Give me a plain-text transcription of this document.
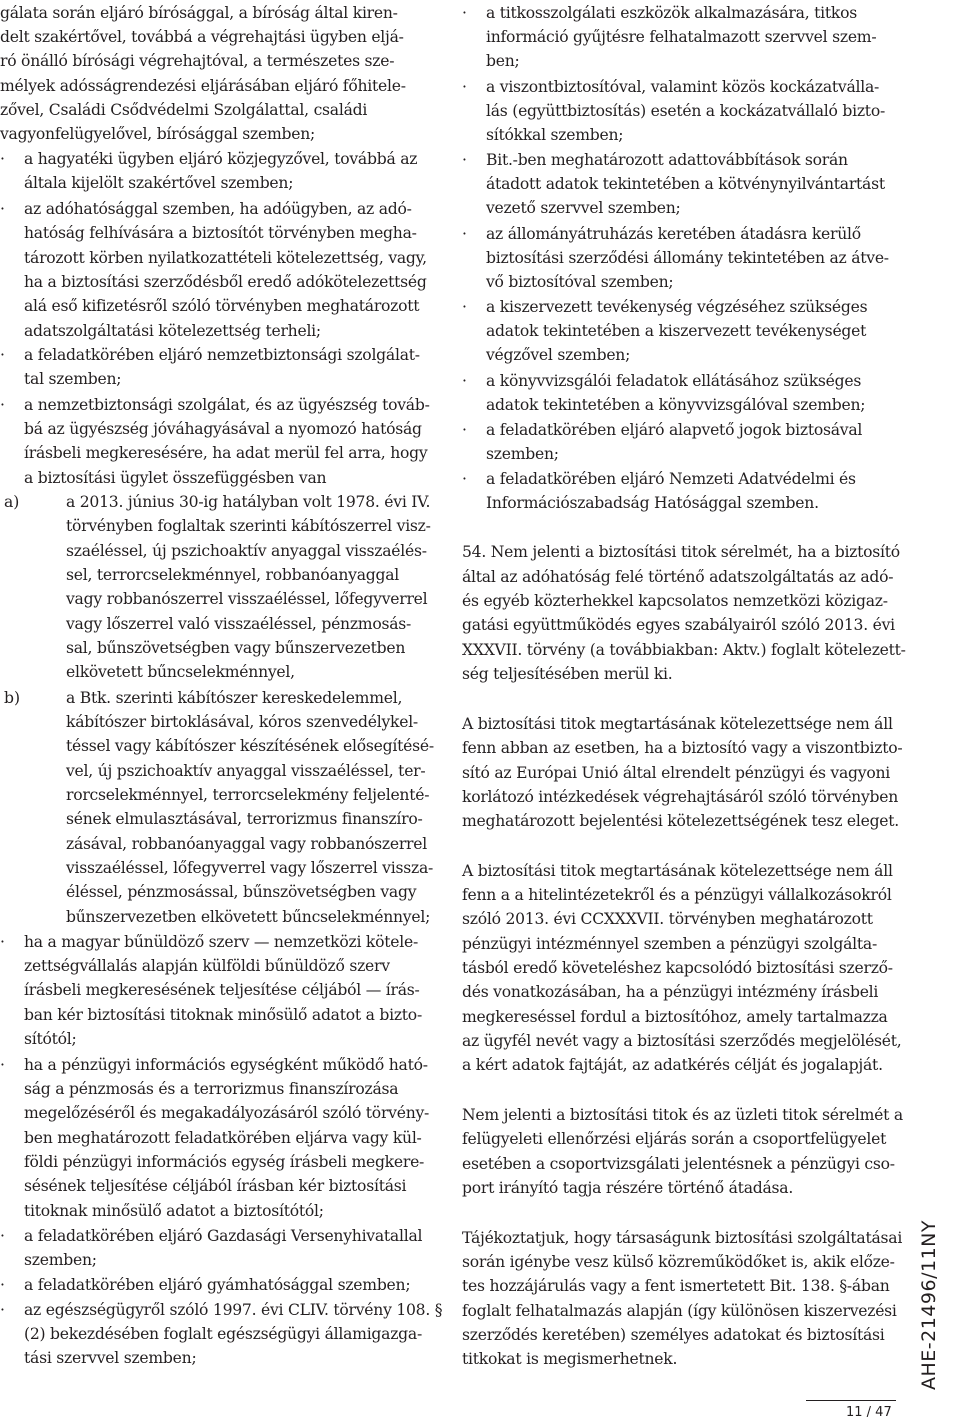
gálata során eljáró bírósággal, a bíróság által kiren-
delt szakértővel, továbbá a végrehajtási ügyben eljá-
ró önálló bírósági végrehajtóval, a természetes sze-
mélyek adósságrendezési eljárásában eljáró főhitele-
zővel, Családi Csődvédelmi Szolgálattal, családi
vagyonfelügyelővel, bírósággal szemben;
· a hagyatéki ügyben eljáró közjegyzővel, továbbá az
általa kijelölt szakértővel szemben;
· az adóhatósággal szemben, ha adóügyben, az adó-
hatóság felhívására a biztosítót törvényben megha-
tározott körben nyilatkozattételi kötelezettség, vagy,
ha a biztosítási szerződésből eredő adókötelezettség
alá eső kifizetésről szóló törvényben meghatározott
adatszolgáltatási kötelezettség terheli;
· a feladatkörében eljáró nemzetbiztonsági szolgálat-
tal szemben;
· a nemzetbiztonsági szolgálat, és az ügyészség továb-
bá az ügyészség jóváhagyásával a nyomozó hatóság
írásbeli megkeresésére, ha adat merül fel arra, hogy
a biztosítási ügylet összefüggésben van
a)	a 2013. június 30-ig hatályban volt 1978. évi IV.
törvényben foglaltak szerinti kábítószerrel visz-
szaéléssel, új pszichoaktív anyaggal visszaélés-
sel, terrorcselekménnyel, robbanóanyaggal
vagy robbanószerrel visszaéléssel, lőfegyverrel
vagy lőszerrel való visszaéléssel, pénzmosás-
sal, bűnszövetségben vagy bűnszervezetben
elkövetett bűncselekménnyel,
b)	a Btk. szerinti kábítószer kereskedelemmel,
kábítószer birtoklásával, kóros szenvedélykel-
téssel vagy kábítószer készítésének elősegítésé-
vel, új pszichoaktív anyaggal visszaéléssel, ter-
rorcselekménnyel, terrorcselekmény feljelenté-
sének elmulasztásával, terrorizmus finanszíro-
zásával, robbanóanyaggal vagy robbanószerrel
visszaéléssel, lőfegyverrel vagy lőszerrel vissza-
éléssel, pénzmosással, bűnszövetségben vagy
bűnszervezetben elkövetett bűncselekménnyel;
· ha a magyar bűnüldöző szerv — nemzetközi kötele-
zettségvállalás alapján külföldi bűnüldöző szerv
írásbeli megkeresésének teljesítése céljából — írás-
ban kér biztosítási titoknak minősülő adatot a bizto-
sítótól;
· ha a pénzügyi információs egységként működő ható-
ság a pénzmosás és a terrorizmus finanszírozása
megelőzéséről és megakadályozásáról szóló törvény-
ben meghatározott feladatkörében eljárva vagy kül-
földi pénzügyi információs egység írásbeli megkere-
sésének teljesítése céljából írásban kér biztosítási
titoknak minősülő adatot a biztosítótól;
· a feladatkörében eljáró Gazdasági Versenyhivatallal
szemben;
· a feladatkörében eljáró gyámhatósággal szemben;
· az egészségügyről szóló 1997. évi CLIV. törvény 108. §
(2) bekezdésében foglalt egészségügyi államigazga-
tási szervvel szemben;
· a titkosszolgálati eszközök alkalmazására, titkos
információ gyűjtésre felhatalmazott szervvel szem-
ben;
· a viszontbiztosítóval, valamint közös kockázatválla-
lás (együttbiztosítás) esetén a kockázatvállaló bizto-
sítókkal szemben;
· Bit.-ben meghatározott adattovábbítások során
átadott adatok tekintetében a kötvénynyilvántartást
vezető szervvel szemben;
· az állományátruházás keretében átadásra kerülő
biztosítási szerződési állomány tekintetében az átve-
vő biztosítóval szemben;
· a kiszervezett tevékenység végzéséhez szükséges
adatok tekintetében a kiszervezett tevékenységet
végzővel szemben;
· a könyvvizsgálói feladatok ellátásához szükséges
adatok tekintetében a könyvvizsgálóval szemben;
· a feladatkörében eljáró alapvető jogok biztosával
szemben;
· a feladatkörében eljáró Nemzeti Adatvédelmi és
Információszabadság Hatósággal szemben.
54. Nem jelenti a biztosítási titok sérelmét, ha a biztosító
által az adóhatóság felé történő adatszolgáltatás az adó-
és egyéb közterhekkel kapcsolatos nemzetközi közigaz-
gatási együttműködés egyes szabályairól szóló 2013. évi
XXXVII. törvény (a továbbiakban: Aktv.) foglalt kötelezett-
ség teljesítésében merül ki.
A biztosítási titok megtartásának kötelezettsége nem áll
fenn abban az esetben, ha a biztosító vagy a viszontbizto-
sító az Európai Unió által elrendelt pénzügyi és vagyoni
korlátozó intézkedések végrehajtásáról szóló törvényben
meghatározott bejelentési kötelezettségének tesz eleget.
A biztosítási titok megtartásának kötelezettsége nem áll
fenn a a hitelintézetekről és a pénzügyi vállalkozásokról
szóló 2013. évi CCXXXVII. törvényben meghatározott
pénzügyi intézménnyel szemben a pénzügyi szolgálta-
tásból eredő követeléshez kapcsolódó biztosítási szerző-
dés vonatkozásában, ha a pénzügyi intézmény írásbeli
megkereséssel fordul a biztosítóhoz, amely tartalmazza
az ügyfél nevét vagy a biztosítási szerződés megjelölését,
a kért adatok fajtáját, az adatkérés célját és jogalapját.
Nem jelenti a biztosítási titok és az üzleti titok sérelmét a
felügyeleti ellenőrzési eljárás során a csoportfelügyelet
esetében a csoportvizsgálati jelentésnek a pénzügyi cso-
port irányító tagja részére történő átadása.
Tájékoztatjuk, hogy társaságunk biztosítási szolgáltatásai
során igénybe vesz külső közreműködőket is, akik előze-
tes hozzájárulás vagy a fent ismertetett Bit. 138. §-ában
foglalt felhatalmazás alapján (így különösen kiszervezési
szerződés keretében) személyes adatokat és biztosítási
titkokat is megismerhetnek.	AHE-21496/11NY
11 / 47
